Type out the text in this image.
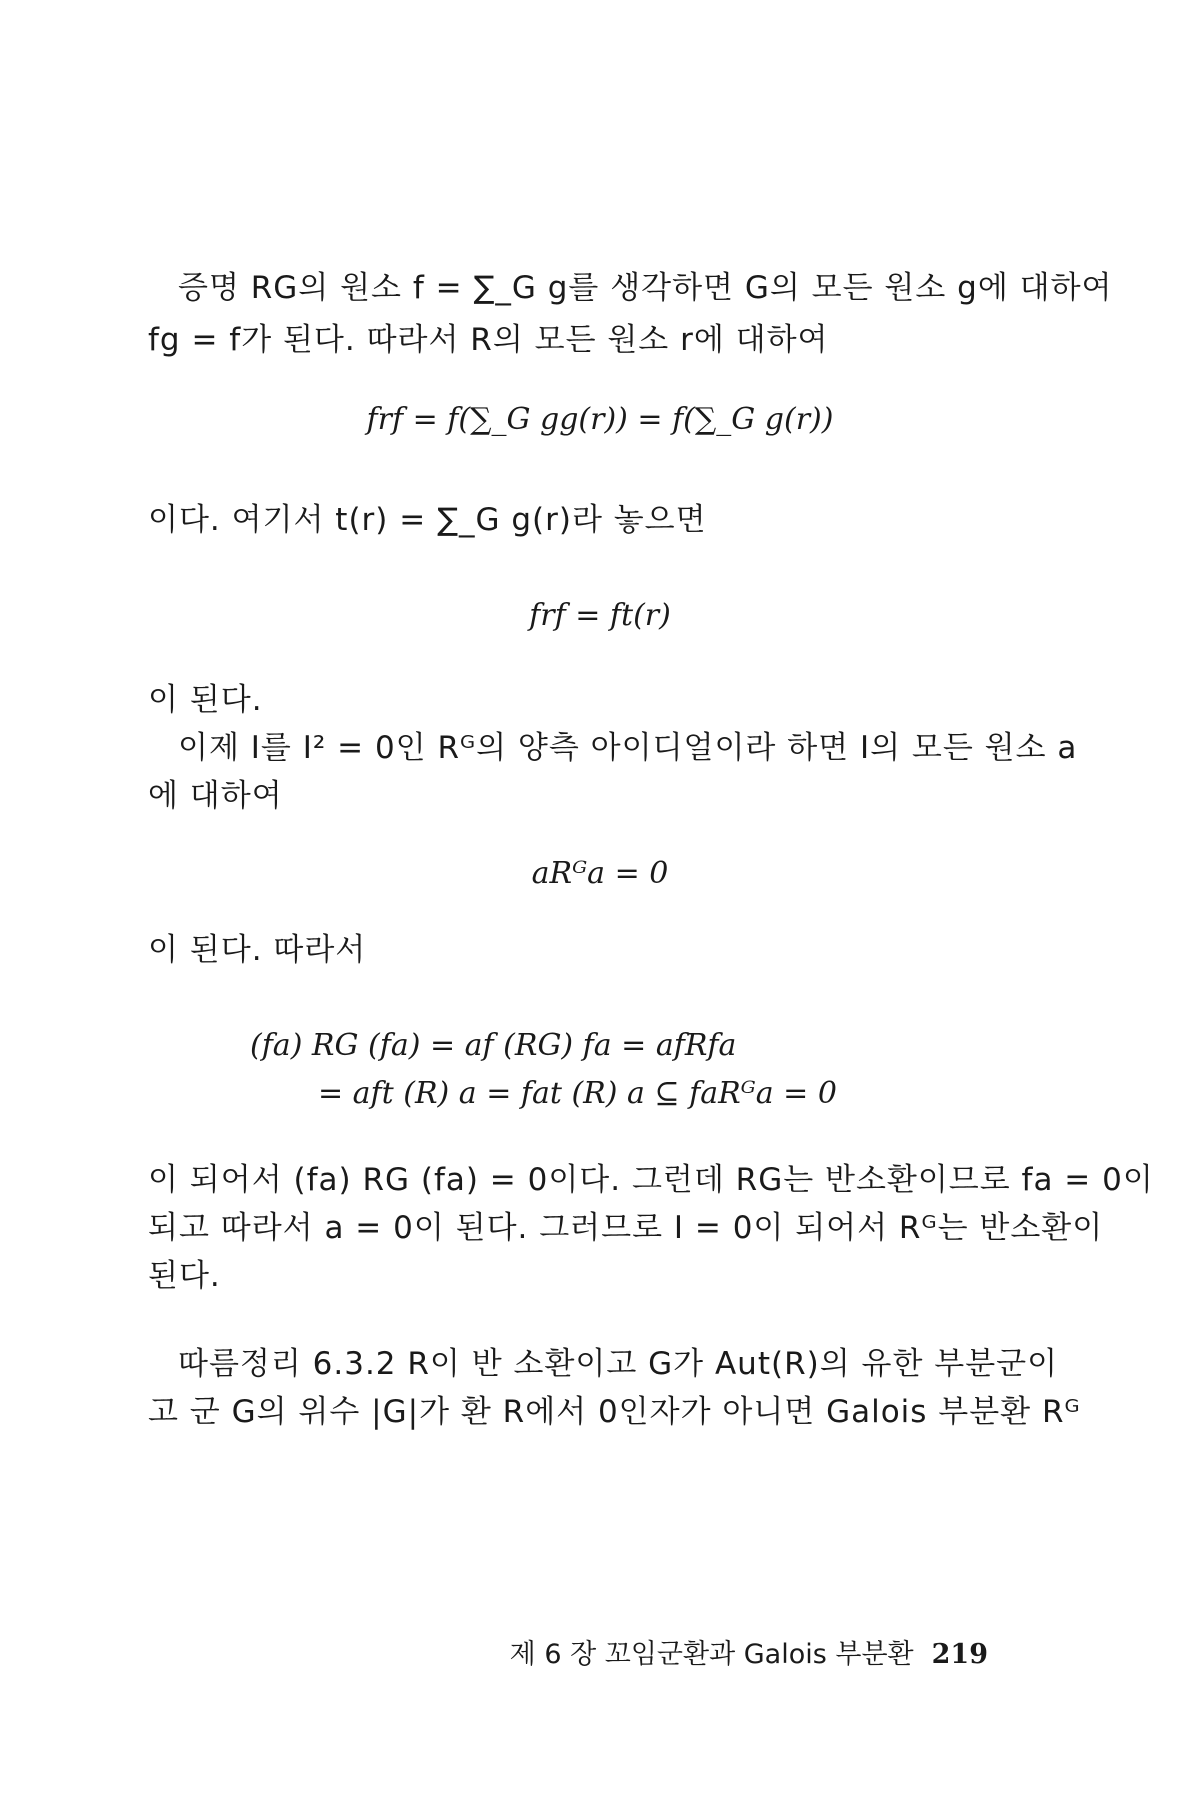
증명 RG의 원소 f = ∑_G g를 생각하면 G의 모든 원소 g에 대하여
fg = f가 된다. 따라서 R의 모든 원소 r에 대하여
frf = f(∑_G gg(r)) = f(∑_G g(r))
이다. 여기서 t(r) = ∑_G g(r)라 놓으면
frf = ft(r)
이 된다.
이제 I를 I² = 0인 Rᴳ의 양측 아이디얼이라 하면 I의 모든 원소 a
에 대하여
aRᴳa = 0
이 된다. 따라서
(fa) RG (fa) = af (RG) fa = afRfa
= aft (R) a = fat (R) a ⊆ faRᴳa = 0
이 되어서 (fa) RG (fa) = 0이다. 그런데 RG는 반소환이므로 fa = 0이
되고 따라서 a = 0이 된다. 그러므로 I = 0이 되어서 Rᴳ는 반소환이
된다.
따름정리 6.3.2 R이 반 소환이고 G가 Aut(R)의 유한 부분군이
고 군 G의 위수 |G|가 환 R에서 0인자가 아니면 Galois 부분환 Rᴳ
제 6 장 꼬임군환과 Galois 부분환 219
